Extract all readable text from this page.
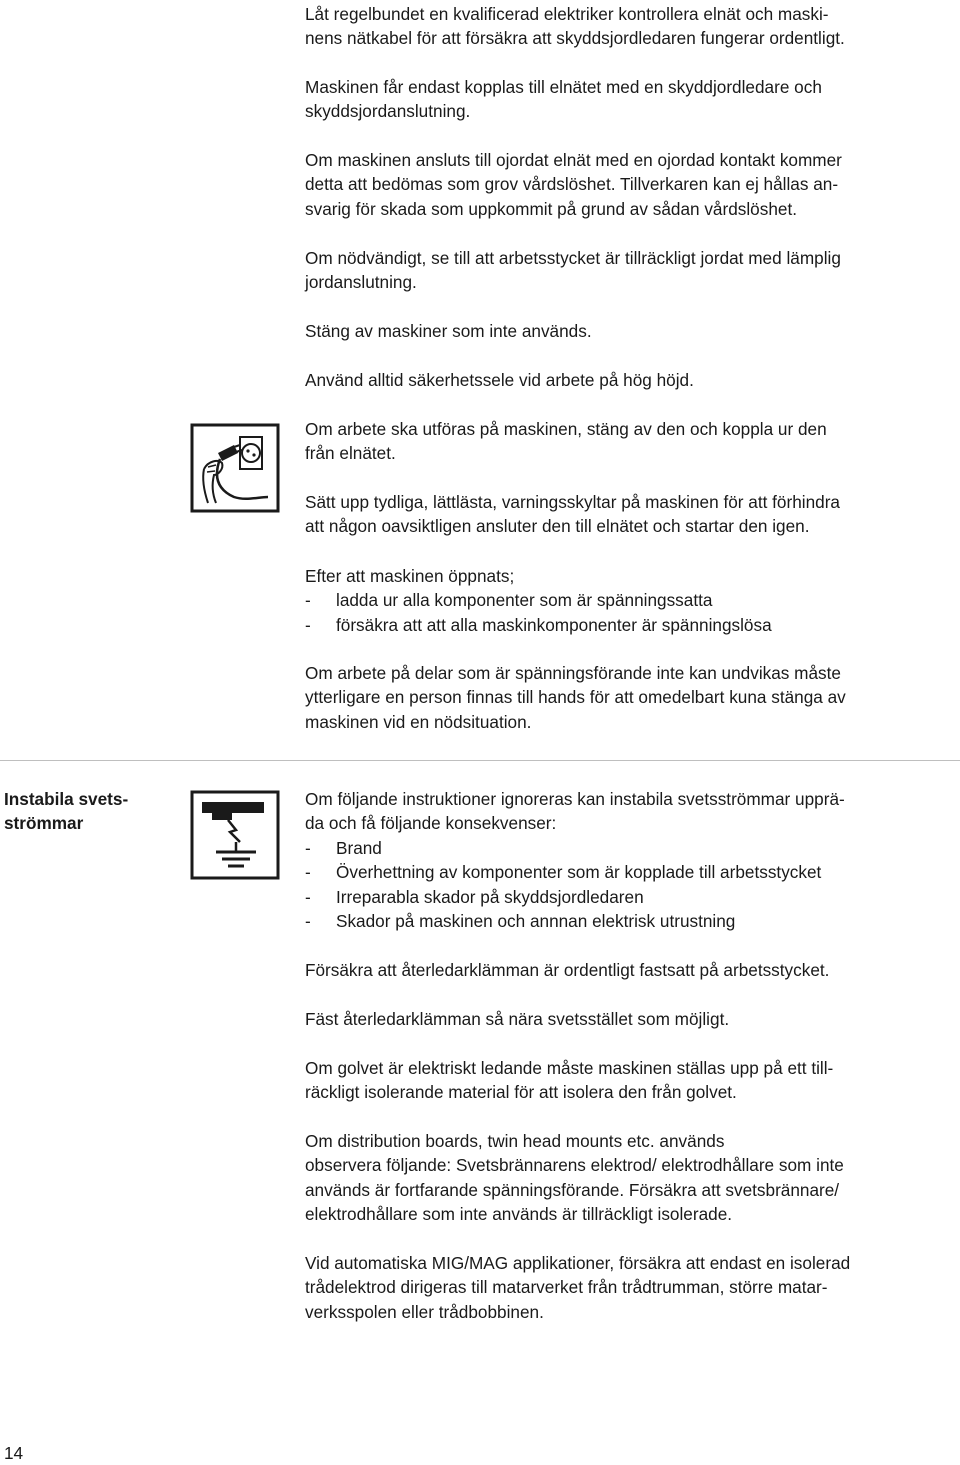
Låt regelbundet en kvalificerad elektriker kontrollera elnät och maski-
nens nätkabel för att försäkra att skyddsjordledaren fungerar ordentligt.

Maskinen får endast kopplas till elnätet med en skyddjordledare och
skyddsjordanslutning.

Om maskinen ansluts till ojordat elnät med en ojordad kontakt kommer
detta att bedömas som grov vårdslöshet. Tillverkaren kan ej hållas an-
svarig för skada som uppkommit på grund av sådan vårdslöshet.

Om nödvändigt, se till att arbetsstycket är tillräckligt jordat med lämplig
jordanslutning.

Stäng av maskiner som inte används.

Använd alltid säkerhetssele vid arbete på hög höjd.

Om arbete ska utföras på maskinen, stäng av den och koppla ur den
från elnätet.

Sätt upp tydliga, lättlästa, varningsskyltar på maskinen för att förhindra
att någon oavsiktligen ansluter den till elnätet och startar den igen.

Efter att maskinen öppnats;
- ladda ur alla komponenter som är spänningssatta
- försäkra att att alla maskinkomponenter är spänningslösa

Om arbete på delar som är spänningsförande inte kan undvikas måste
ytterligare en person finnas till hands för att omedelbart kuna stänga av
maskinen vid en nödsituation.

Instabila svets-
strömmar

Om följande instruktioner ignoreras kan instabila svetsströmmar upprä-
da och få följande konsekvenser:
- Brand
- Överhettning av komponenter som är kopplade till arbetsstycket
- Irreparabla skador på skyddsjordledaren
- Skador på maskinen och annnan elektrisk utrustning

Försäkra att återledarklämman är ordentligt fastsatt på arbetsstycket.

Fäst återledarklämman så nära svetsstället som möjligt.

Om golvet är elektriskt ledande måste maskinen ställas upp på ett till-
räckligt isolerande material för att isolera den från golvet.

Om distribution boards, twin head mounts etc. används
observera följande: Svetsbrännarens elektrod/ elektrodhållare som inte
används är fortfarande spänningsförande. Försäkra att svetsbrännare/
elektrodhållare som inte används är tillräckligt isolerade.

Vid automatiska MIG/MAG applikationer, försäkra att endast en isolerad
trådelektrod dirigeras till matarverket från trådtrumman, större matar-
verksspolen eller trådbobbinen.

14
